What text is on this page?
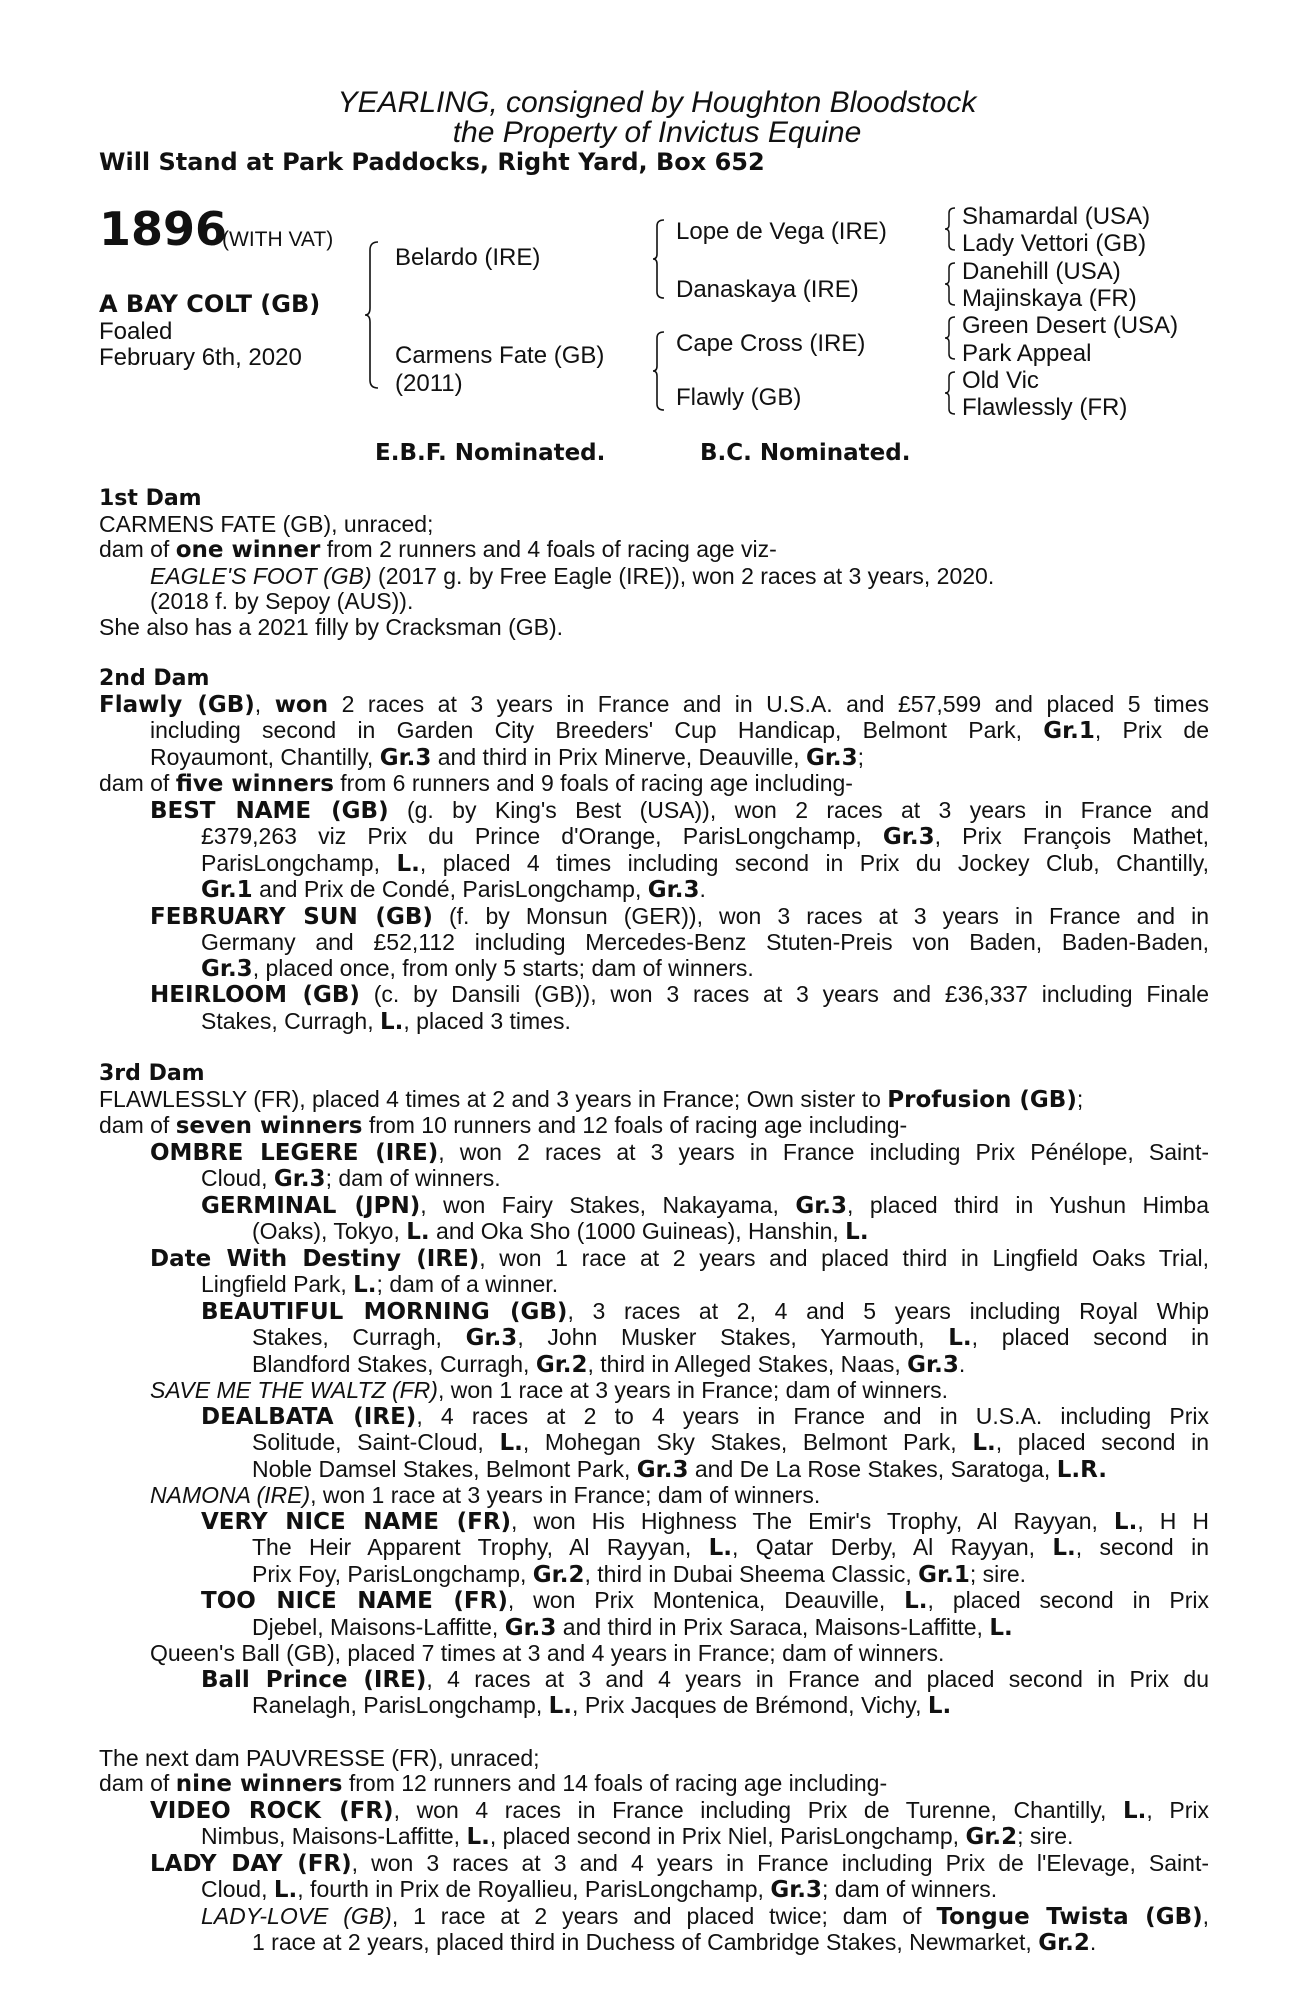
YEARLING, consigned by Houghton Bloodstock
the Property of Invictus Equine
Will Stand at Park Paddocks, Right Yard, Box 652
1896
(WITH VAT)
A BAY COLT (GB)
Foaled
February 6th, 2020
Belardo (IRE)
Carmens Fate (GB)
(2011)
Lope de Vega (IRE)
Danaskaya (IRE)
Cape Cross (IRE)
Flawly (GB)
Shamardal (USA)
Lady Vettori (GB)
Danehill (USA)
Majinskaya (FR)
Green Desert (USA)
Park Appeal
Old Vic
Flawlessly (FR)
E.B.F. Nominated.	B.C. Nominated.
1st Dam
CARMENS FATE (GB), unraced;
dam of one winner from 2 runners and 4 foals of racing age viz-
EAGLE'S FOOT (GB) (2017 g. by Free Eagle (IRE)), won 2 races at 3 years, 2020.
(2018 f. by Sepoy (AUS)).
She also has a 2021 filly by Cracksman (GB).
2nd Dam
Flawly (GB), won 2 races at 3 years in France and in U.S.A. and £57,599 and placed 5 times
including second in Garden City Breeders' Cup Handicap, Belmont Park, Gr.1, Prix de
Royaumont, Chantilly, Gr.3 and third in Prix Minerve, Deauville, Gr.3;
dam of five winners from 6 runners and 9 foals of racing age including-
BEST NAME (GB) (g. by King's Best (USA)), won 2 races at 3 years in France and
£379,263 viz Prix du Prince d'Orange, ParisLongchamp, Gr.3, Prix François Mathet,
ParisLongchamp, L., placed 4 times including second in Prix du Jockey Club, Chantilly,
Gr.1 and Prix de Condé, ParisLongchamp, Gr.3.
FEBRUARY SUN (GB) (f. by Monsun (GER)), won 3 races at 3 years in France and in
Germany and £52,112 including Mercedes-Benz Stuten-Preis von Baden, Baden-Baden,
Gr.3, placed once, from only 5 starts; dam of winners.
HEIRLOOM (GB) (c. by Dansili (GB)), won 3 races at 3 years and £36,337 including Finale
Stakes, Curragh, L., placed 3 times.
3rd Dam
FLAWLESSLY (FR), placed 4 times at 2 and 3 years in France; Own sister to Profusion (GB);
dam of seven winners from 10 runners and 12 foals of racing age including-
OMBRE LEGERE (IRE), won 2 races at 3 years in France including Prix Pénélope, Saint-
Cloud, Gr.3; dam of winners.
GERMINAL (JPN), won Fairy Stakes, Nakayama, Gr.3, placed third in Yushun Himba
(Oaks), Tokyo, L. and Oka Sho (1000 Guineas), Hanshin, L.
Date With Destiny (IRE), won 1 race at 2 years and placed third in Lingfield Oaks Trial,
Lingfield Park, L.; dam of a winner.
BEAUTIFUL MORNING (GB), 3 races at 2, 4 and 5 years including Royal Whip
Stakes, Curragh, Gr.3, John Musker Stakes, Yarmouth, L., placed second in
Blandford Stakes, Curragh, Gr.2, third in Alleged Stakes, Naas, Gr.3.
SAVE ME THE WALTZ (FR), won 1 race at 3 years in France; dam of winners.
DEALBATA (IRE), 4 races at 2 to 4 years in France and in U.S.A. including Prix
Solitude, Saint-Cloud, L., Mohegan Sky Stakes, Belmont Park, L., placed second in
Noble Damsel Stakes, Belmont Park, Gr.3 and De La Rose Stakes, Saratoga, L.R.
NAMONA (IRE), won 1 race at 3 years in France; dam of winners.
VERY NICE NAME (FR), won His Highness The Emir's Trophy, Al Rayyan, L., H H
The Heir Apparent Trophy, Al Rayyan, L., Qatar Derby, Al Rayyan, L., second in
Prix Foy, ParisLongchamp, Gr.2, third in Dubai Sheema Classic, Gr.1; sire.
TOO NICE NAME (FR), won Prix Montenica, Deauville, L., placed second in Prix
Djebel, Maisons-Laffitte, Gr.3 and third in Prix Saraca, Maisons-Laffitte, L.
Queen's Ball (GB), placed 7 times at 3 and 4 years in France; dam of winners.
Ball Prince (IRE), 4 races at 3 and 4 years in France and placed second in Prix du
Ranelagh, ParisLongchamp, L., Prix Jacques de Brémond, Vichy, L.
The next dam PAUVRESSE (FR), unraced;
dam of nine winners from 12 runners and 14 foals of racing age including-
VIDEO ROCK (FR), won 4 races in France including Prix de Turenne, Chantilly, L., Prix
Nimbus, Maisons-Laffitte, L., placed second in Prix Niel, ParisLongchamp, Gr.2; sire.
LADY DAY (FR), won 3 races at 3 and 4 years in France including Prix de l'Elevage, Saint-
Cloud, L., fourth in Prix de Royallieu, ParisLongchamp, Gr.3; dam of winners.
LADY-LOVE (GB), 1 race at 2 years and placed twice; dam of Tongue Twista (GB),
1 race at 2 years, placed third in Duchess of Cambridge Stakes, Newmarket, Gr.2.
